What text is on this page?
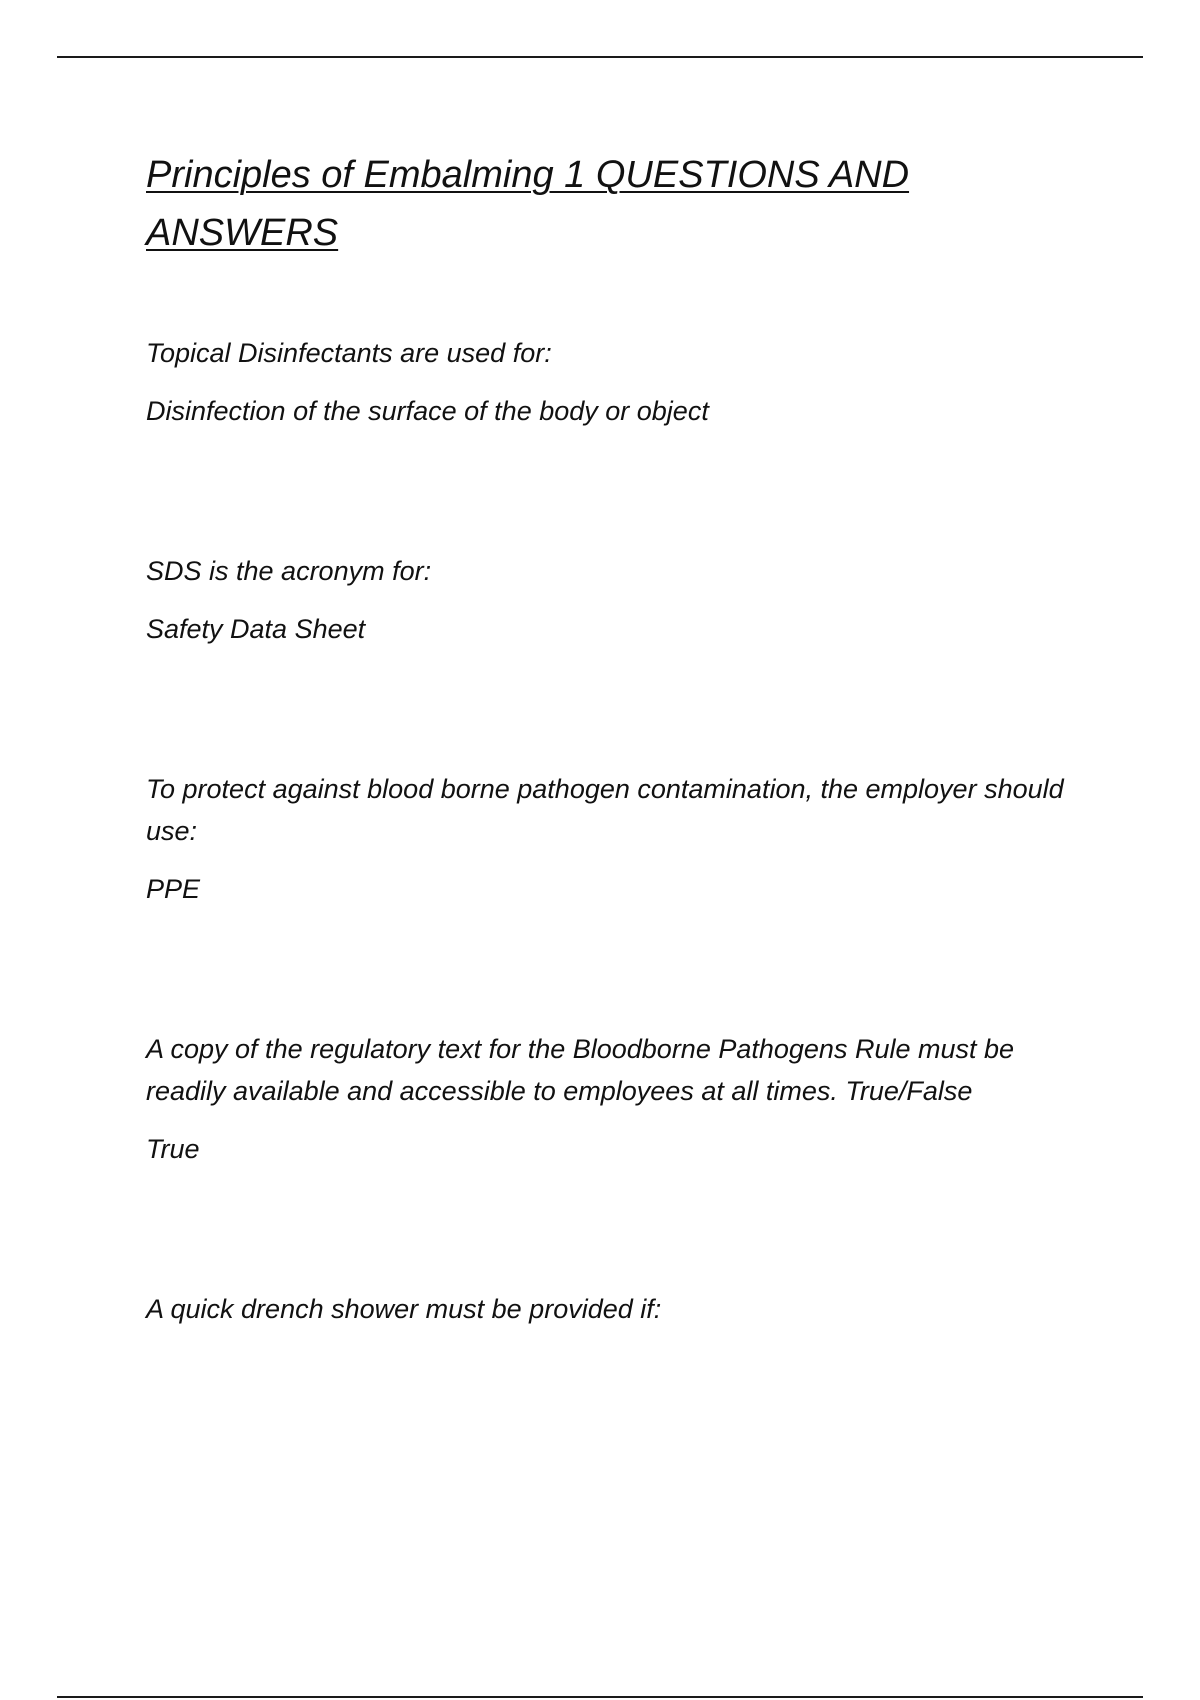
Principles of Embalming 1 QUESTIONS AND ANSWERS

Topical Disinfectants are used for:

Disinfection of the surface of the body or object

SDS is the acronym for:

Safety Data Sheet

To protect against blood borne pathogen contamination, the employer should use:

PPE

A copy of the regulatory text for the Bloodborne Pathogens Rule must be readily available and accessible to employees at all times. True/False

True

A quick drench shower must be provided if:
